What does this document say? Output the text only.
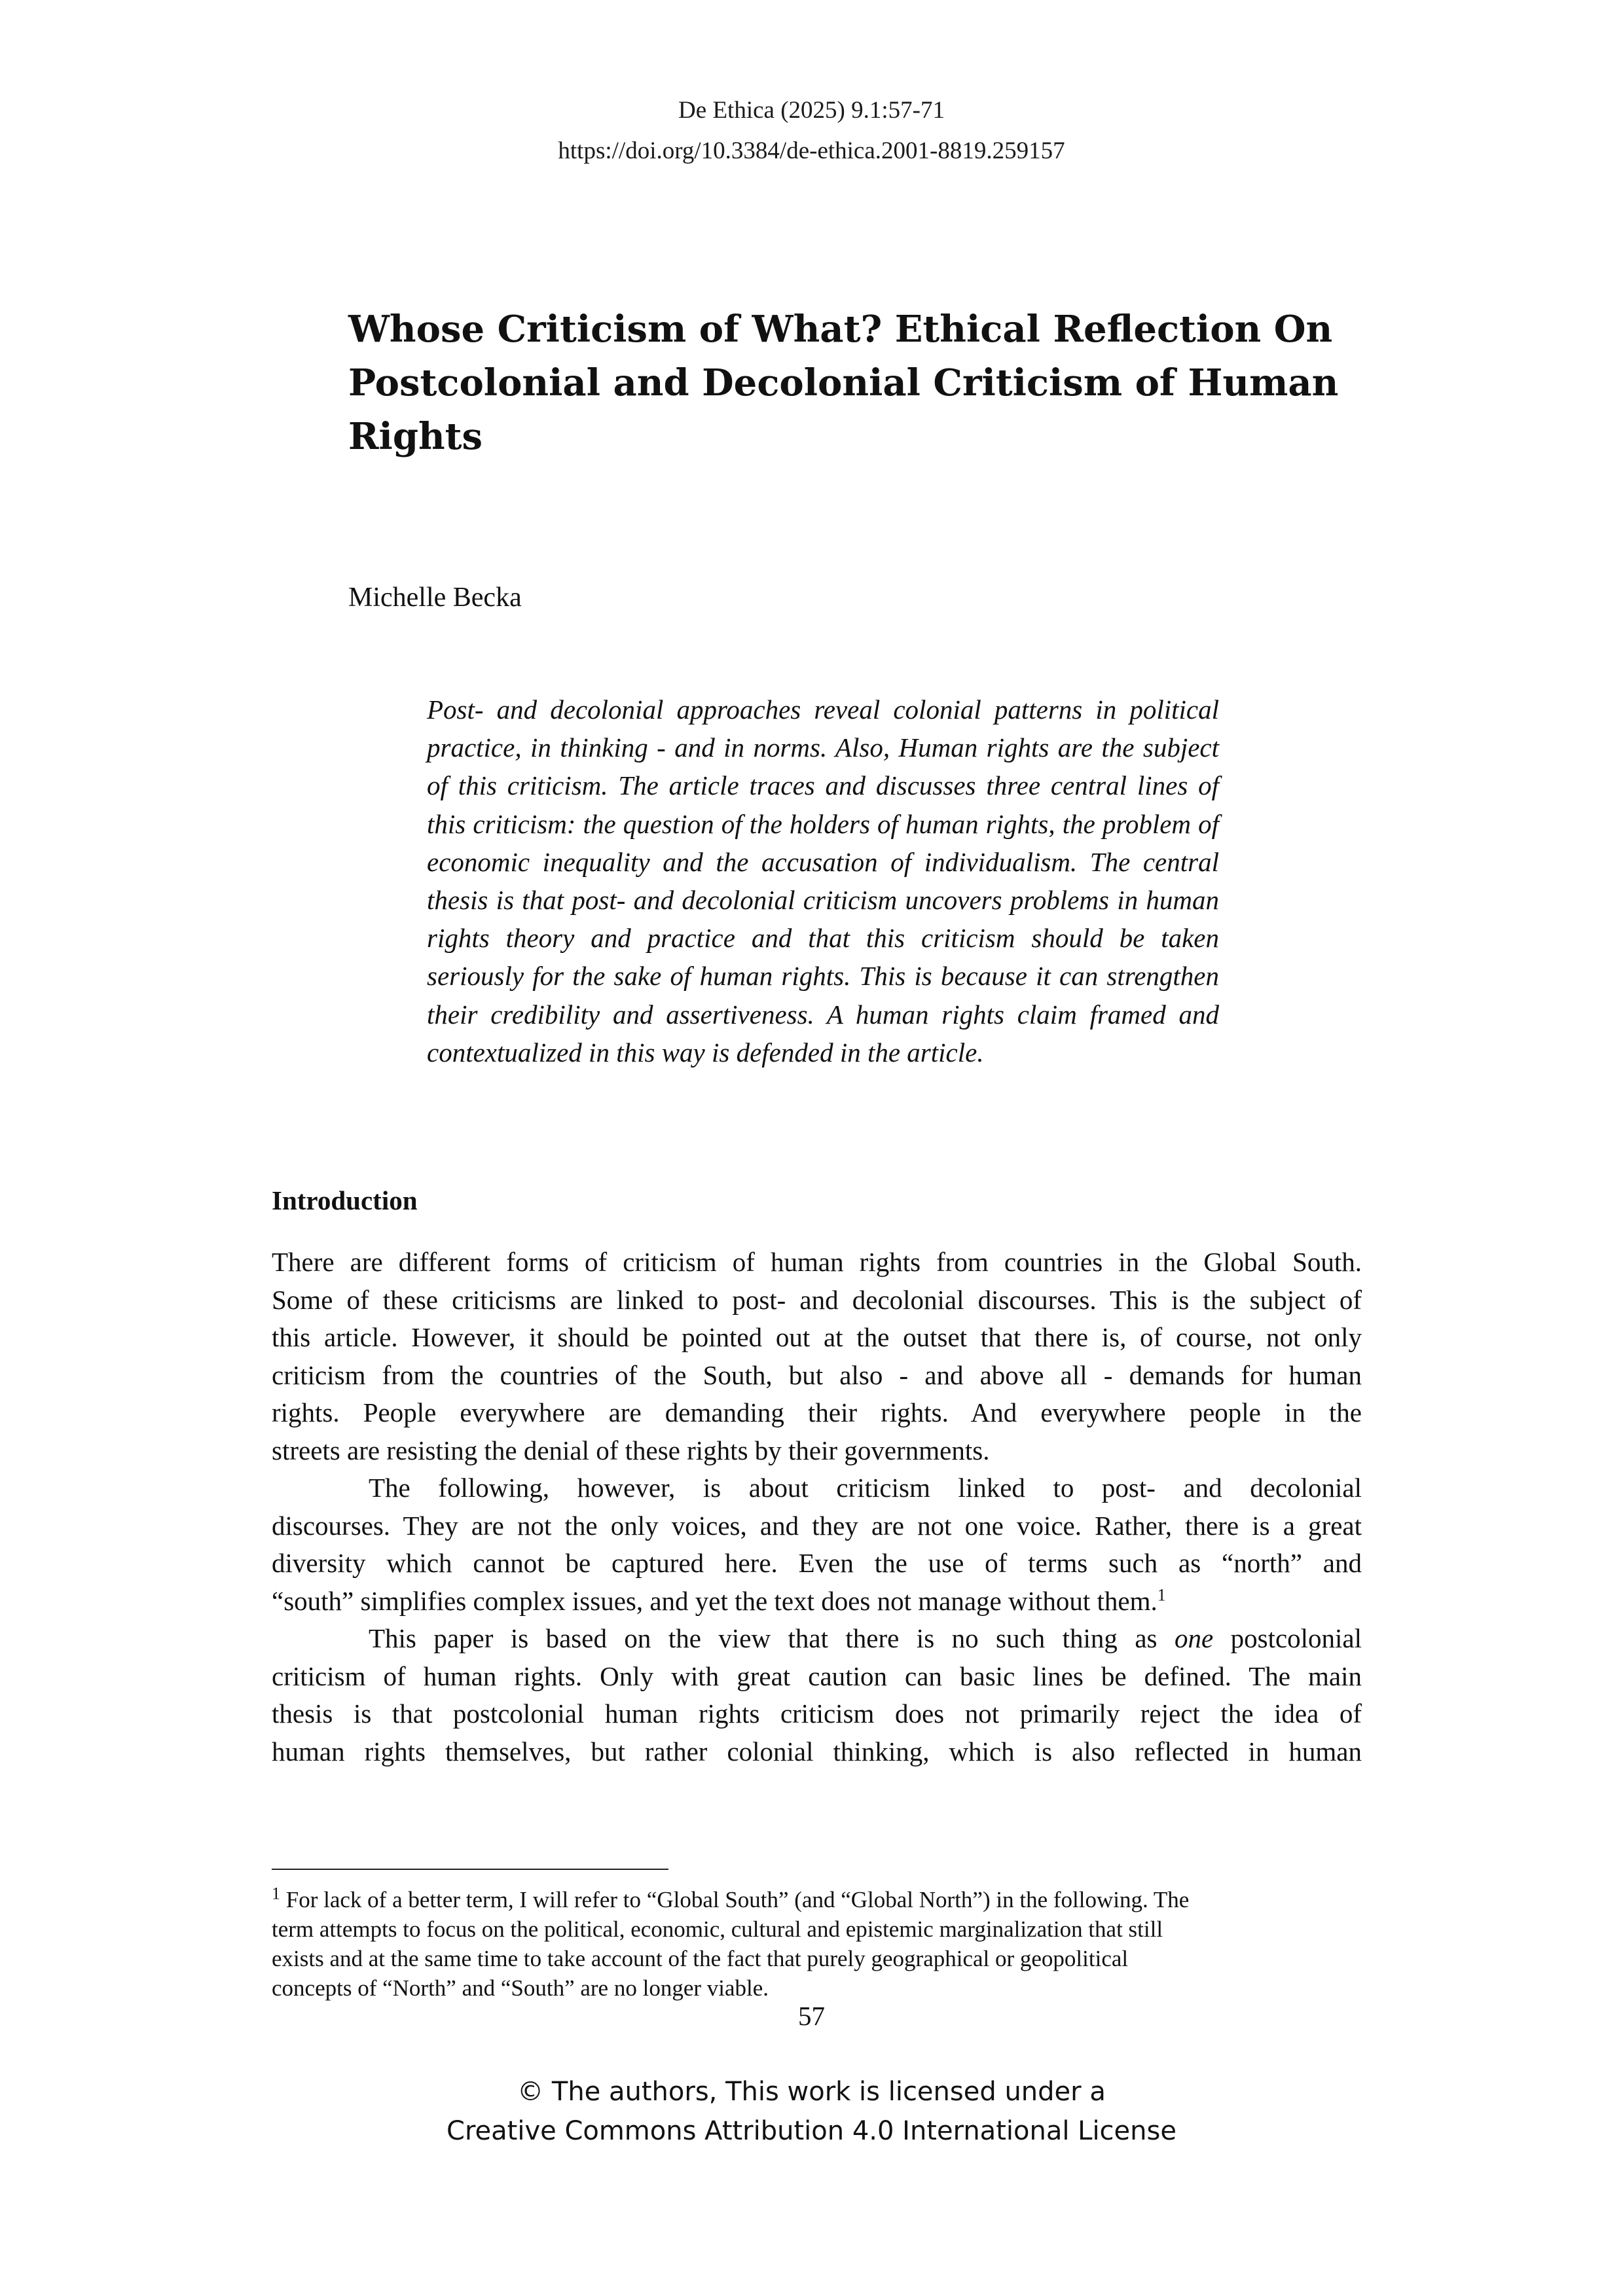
De Ethica (2025) 9.1:57-71
https://doi.org/10.3384/de-ethica.2001-8819.259157
Whose Criticism of What? Ethical Reflection On
Postcolonial and Decolonial Criticism of Human
Rights
Michelle Becka
Post- and decolonial approaches reveal colonial patterns in political
practice, in thinking - and in norms. Also, Human rights are the subject
of this criticism. The article traces and discusses three central lines of
this criticism: the question of the holders of human rights, the problem of
economic inequality and the accusation of individualism. The central
thesis is that post- and decolonial criticism uncovers problems in human
rights theory and practice and that this criticism should be taken
seriously for the sake of human rights. This is because it can strengthen
their credibility and assertiveness. A human rights claim framed and
contextualized in this way is defended in the article.
Introduction
There are different forms of criticism of human rights from countries in the Global South.
Some of these criticisms are linked to post- and decolonial discourses. This is the subject of
this article. However, it should be pointed out at the outset that there is, of course, not only
criticism from the countries of the South, but also - and above all - demands for human
rights. People everywhere are demanding their rights. And everywhere people in the
streets are resisting the denial of these rights by their governments.
The following, however, is about criticism linked to post- and decolonial
discourses. They are not the only voices, and they are not one voice. Rather, there is a great
diversity which cannot be captured here. Even the use of terms such as “north” and
“south” simplifies complex issues, and yet the text does not manage without them.$^1$
This paper is based on the view that there is no such thing as one postcolonial
criticism of human rights. Only with great caution can basic lines be defined. The main
thesis is that postcolonial human rights criticism does not primarily reject the idea of
human rights themselves, but rather colonial thinking, which is also reflected in human
$^1$ For lack of a better term, I will refer to “Global South” (and “Global North”) in the following. The
term attempts to focus on the political, economic, cultural and epistemic marginalization that still
exists and at the same time to take account of the fact that purely geographical or geopolitical
concepts of “North” and “South” are no longer viable.
57
© The authors, This work is licensed under a
Creative Commons Attribution 4.0 International License
